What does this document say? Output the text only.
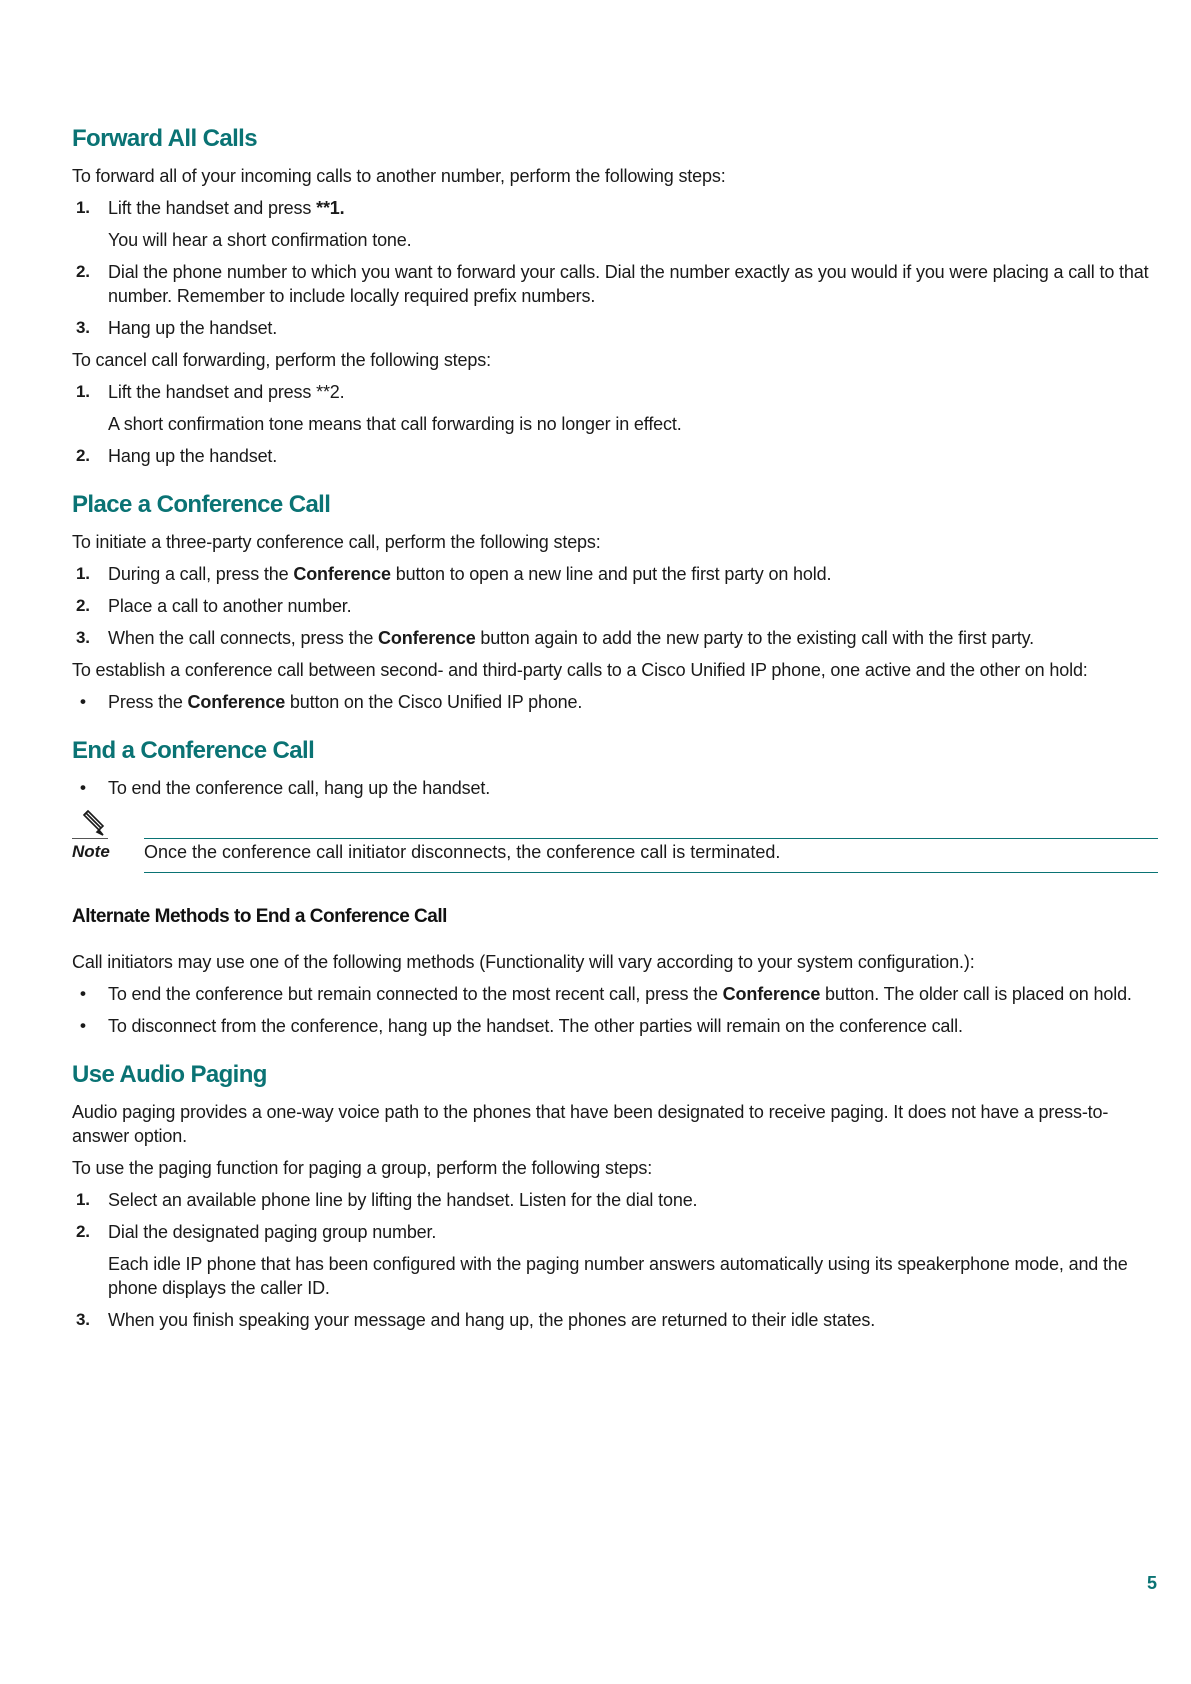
Forward All Calls

To forward all of your incoming calls to another number, perform the following steps:

1. Lift the handset and press **1.

You will hear a short confirmation tone.

2. Dial the phone number to which you want to forward your calls. Dial the number exactly as you would if you were placing a call to that number. Remember to include locally required prefix numbers.
3. Hang up the handset.

To cancel call forwarding, perform the following steps:

1. Lift the handset and press **2.

A short confirmation tone means that call forwarding is no longer in effect.

2. Hang up the handset.
Place a Conference Call

To initiate a three-party conference call, perform the following steps:

1. During a call, press the Conference button to open a new line and put the first party on hold.
2. Place a call to another number.
3. When the call connects, press the Conference button again to add the new party to the existing call with the first party.

To establish a conference call between second- and third-party calls to a Cisco Unified IP phone, one active and the other on hold:

• Press the Conference button on the Cisco Unified IP phone.
End a Conference Call
• To end the conference call, hang up the handset.
Note Once the conference call initiator disconnects, the conference call is terminated.
Alternate Methods to End a Conference Call

Call initiators may use one of the following methods (Functionality will vary according to your system configuration.):

• To end the conference but remain connected to the most recent call, press the Conference button. The older call is placed on hold.
• To disconnect from the conference, hang up the handset. The other parties will remain on the conference call.
Use Audio Paging

Audio paging provides a one-way voice path to the phones that have been designated to receive paging. It does not have a press-to-answer option.

To use the paging function for paging a group, perform the following steps:

1. Select an available phone line by lifting the handset. Listen for the dial tone.
2. Dial the designated paging group number.

Each idle IP phone that has been configured with the paging number answers automatically using its speakerphone mode, and the phone displays the caller ID.

3. When you finish speaking your message and hang up, the phones are returned to their idle states.
5
